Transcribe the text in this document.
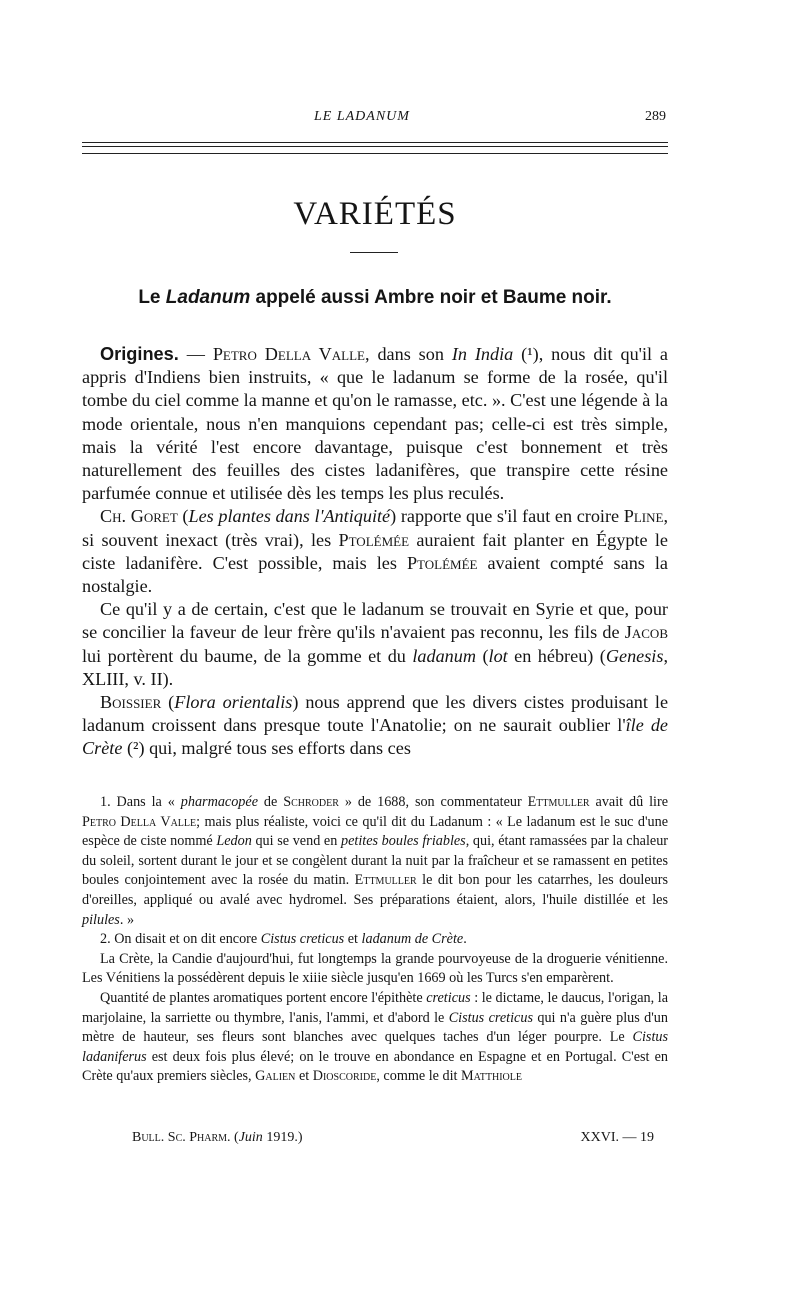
LE LADANUM	289
VARIÉTÉS
Le Ladanum appelé aussi Ambre noir et Baume noir.

Origines. — Petro Della Valle, dans son In India (¹), nous dit qu'il a appris d'Indiens bien instruits, « que le ladanum se forme de la rosée, qu'il tombe du ciel comme la manne et qu'on le ramasse, etc. ». C'est une légende à la mode orientale, nous n'en manquions cependant pas; celle-ci est très simple, mais la vérité l'est encore davantage, puisque c'est bonnement et très naturellement des feuilles des cistes ladanifères, que transpire cette résine parfumée connue et utilisée dès les temps les plus reculés.

Ch. Goret (Les plantes dans l'Antiquité) rapporte que s'il faut en croire Pline, si souvent inexact (très vrai), les Ptolémée auraient fait planter en Égypte le ciste ladanifère. C'est possible, mais les Ptolémée avaient compté sans la nostalgie.

Ce qu'il y a de certain, c'est que le ladanum se trouvait en Syrie et que, pour se concilier la faveur de leur frère qu'ils n'avaient pas reconnu, les fils de Jacob lui portèrent du baume, de la gomme et du ladanum (lot en hébreu) (Genesis, XLIII, v. II).

Boissier (Flora orientalis) nous apprend que les divers cistes produisant le ladanum croissent dans presque toute l'Anatolie; on ne saurait oublier l'île de Crète (²) qui, malgré tous ses efforts dans ces

1. Dans la « pharmacopée de Schroder » de 1688, son commentateur Ettmuller avait dû lire Petro Della Valle; mais plus réaliste, voici ce qu'il dit du Ladanum : « Le ladanum est le suc d'une espèce de ciste nommé Ledon qui se vend en petites boules friables, qui, étant ramassées par la chaleur du soleil, sortent durant le jour et se congèlent durant la nuit par la fraîcheur et se ramassent en petites boules conjointement avec la rosée du matin. Ettmuller le dit bon pour les catarrhes, les douleurs d'oreilles, appliqué ou avalé avec hydromel. Ses préparations étaient, alors, l'huile distillée et les pilules. »

2. On disait et on dit encore Cistus creticus et ladanum de Crète.

La Crète, la Candie d'aujourd'hui, fut longtemps la grande pourvoyeuse de la droguerie vénitienne. Les Vénitiens la possédèrent depuis le xiiie siècle jusqu'en 1669 où les Turcs s'en emparèrent.

Quantité de plantes aromatiques portent encore l'épithète creticus : le dictame, le daucus, l'origan, la marjolaine, la sarriette ou thymbre, l'anis, l'ammi, et d'abord le Cistus creticus qui n'a guère plus d'un mètre de hauteur, ses fleurs sont blanches avec quelques taches d'un léger pourpre. Le Cistus ladaniferus est deux fois plus élevé; on le trouve en abondance en Espagne et en Portugal. C'est en Crète qu'aux premiers siècles, Galien et Dioscoride, comme le dit Matthiole

Bull. Sc. Pharm. (Juin 1919.)	XXVI. — 19
